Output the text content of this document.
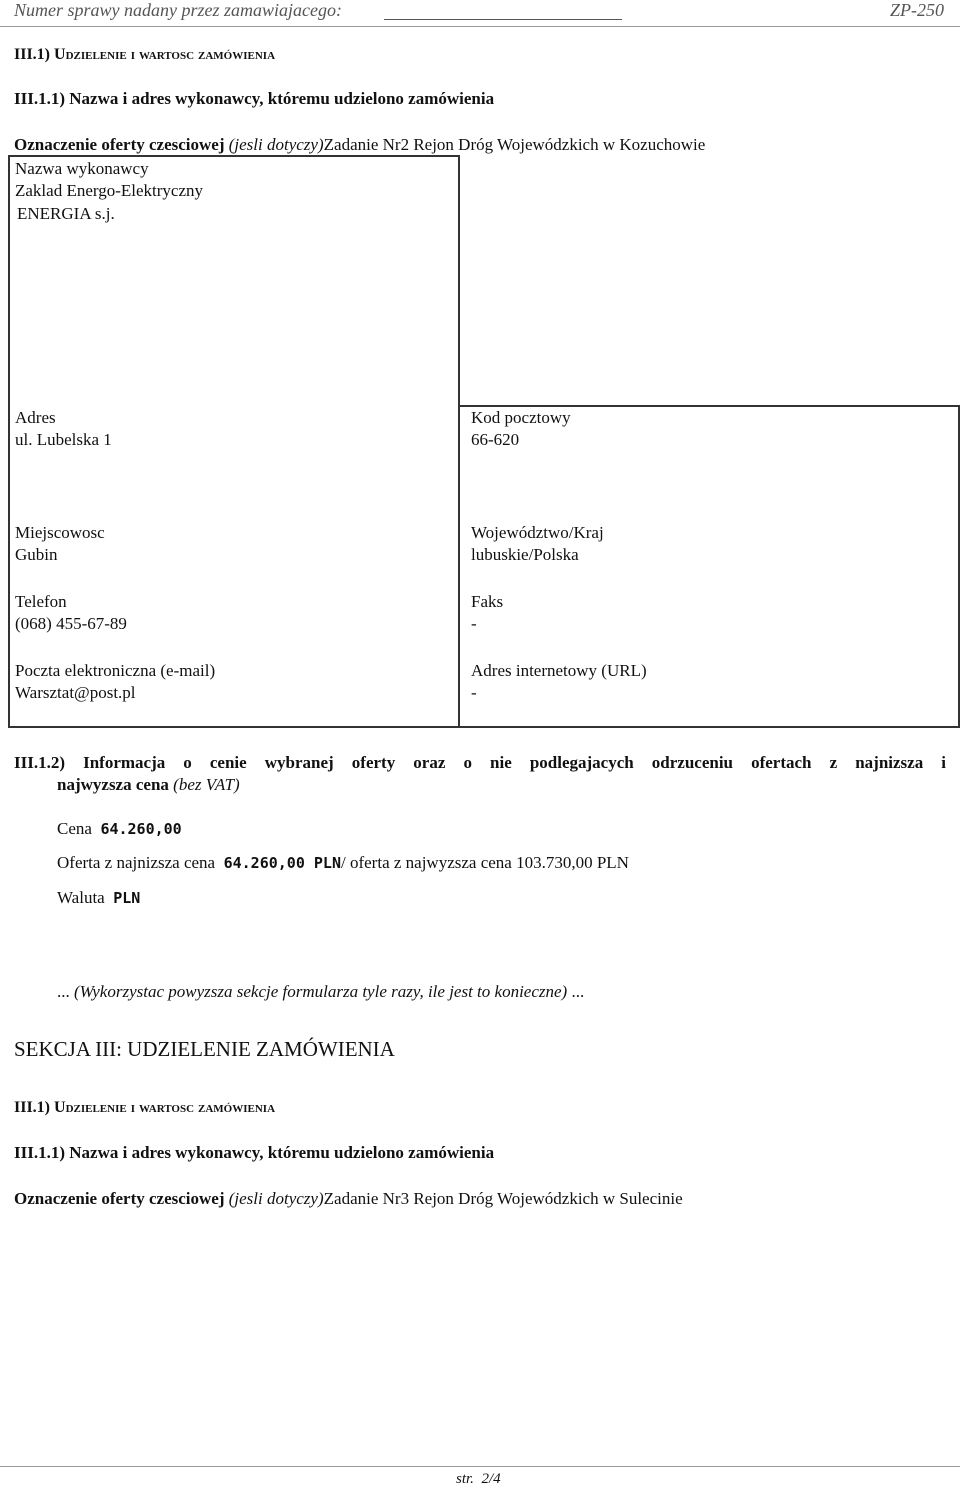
Numer sprawy nadany przez zamawiajacego:	ZP-250
III.1) Udzielenie i wartosc zamówienia
III.1.1) Nazwa i adres wykonawcy, któremu udzielono zamówienia
Oznaczenie oferty czesciowej (jesli dotyczy)Zadanie Nr2 Rejon Dróg Wojewódzkich w Kozuchowie
Nazwa wykonawcy
Zaklad Energo-Elektryczny
ENERGIA s.j.
Adres
ul. Lubelska 1
Kod pocztowy
66-620
Miejscowosc
Gubin
Województwo/Kraj
lubuskie/Polska
Telefon
(068) 455-67-89
Faks
-
Poczta elektroniczna (e-mail)
Warsztat@post.pl
Adres internetowy (URL)
-
III.1.2) Informacja o cenie wybranej oferty oraz o nie podlegajacych odrzuceniu ofertach z najnizsza i
najwyzsza cena (bez VAT)
Cena 64.260,00
Oferta z najnizsza cena 64.260,00 PLN/ oferta z najwyzsza cena 103.730,00 PLN
Waluta PLN
... (Wykorzystac powyzsza sekcje formularza tyle razy, ile jest to konieczne) ...
SEKCJA III: UDZIELENIE ZAMÓWIENIA
III.1) Udzielenie i wartosc zamówienia
III.1.1) Nazwa i adres wykonawcy, któremu udzielono zamówienia
Oznaczenie oferty czesciowej (jesli dotyczy)Zadanie Nr3 Rejon Dróg Wojewódzkich w Sulecinie
str. 2/4
